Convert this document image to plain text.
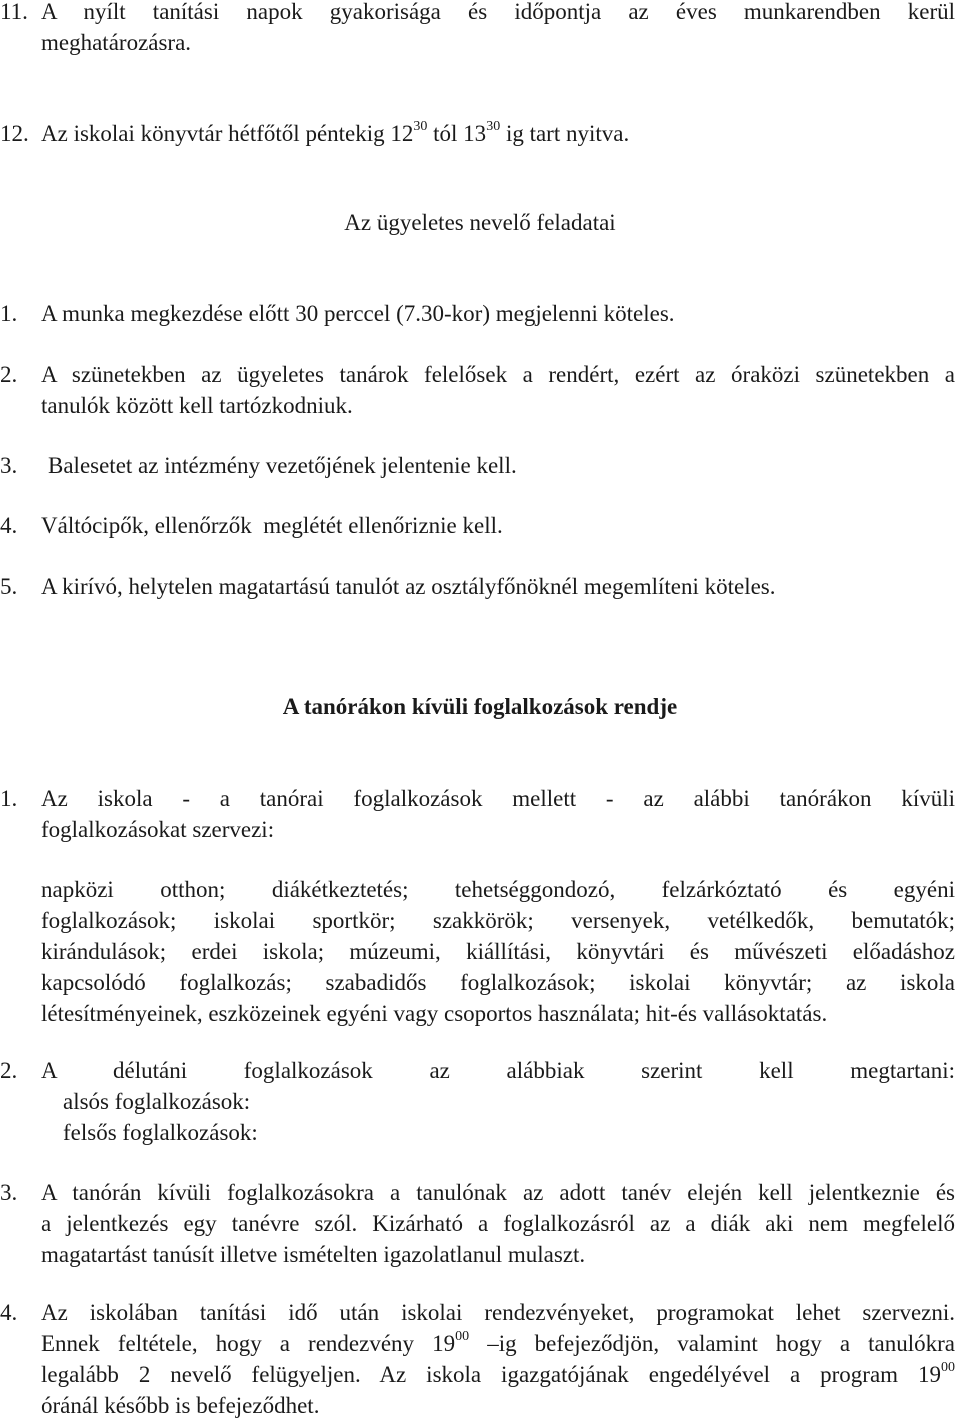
11. A nyílt tanítási napok gyakorisága és időpontja az éves munkarendben kerül
meghatározásra.
12. Az iskolai könyvtár hétfőtől péntekig $12^{30}$ tól $13^{30}$ ig tart nyitva.
Az ügyeletes nevelő feladatai
1.	A munka megkezdése előtt 30 perccel (7.30-kor) megjelenni köteles.
2.	A szünetekben az ügyeletes tanárok felelősek a rendért, ezért az óraközi szünetekben a
tanulók között kell tartózkodniuk.
3.	Balesetet az intézmény vezetőjének jelentenie kell.
4.	Váltócipők, ellenőrzők  meglétét ellenőriznie kell.
5.	A kirívó, helytelen magatartású tanulót az osztályfőnöknél megemlíteni köteles.
A tanórákon kívüli foglalkozások rendje
1.	Az iskola - a tanórai foglalkozások mellett - az alábbi tanórákon kívüli
foglalkozásokat szervezi:
napközi otthon; diákétkeztetés; tehetséggondozó, felzárkóztató és egyéni
foglalkozások; iskolai sportkör; szakkörök; versenyek, vetélkedők, bemutatók;
kirándulások; erdei iskola; múzeumi, kiállítási, könyvtári és művészeti előadáshoz
kapcsolódó foglalkozás; szabadidős foglalkozások; iskolai könyvtár; az iskola
létesítményeinek, eszközeinek egyéni vagy csoportos használata; hit-és vallásoktatás.
2.	A délutáni foglalkozások az alábbiak szerint kell megtartani:
alsós foglalkozások:
felsős foglalkozások:
3.	A tanórán kívüli foglalkozásokra a tanulónak az adott tanév elején kell jelentkeznie és
a jelentkezés egy tanévre szól. Kizárható a foglalkozásról az a diák aki nem megfelelő
magatartást tanúsít illetve ismételten igazolatlanul mulaszt.
4.	Az iskolában tanítási idő után iskolai rendezvényeket, programokat lehet szervezni.
Ennek feltétele, hogy a rendezvény $19^{00}$ –ig befejeződjön, valamint hogy a tanulókra
legalább 2 nevelő felügyeljen. Az iskola igazgatójának engedélyével a program $19^{00}$
óránál később is befejeződhet.
